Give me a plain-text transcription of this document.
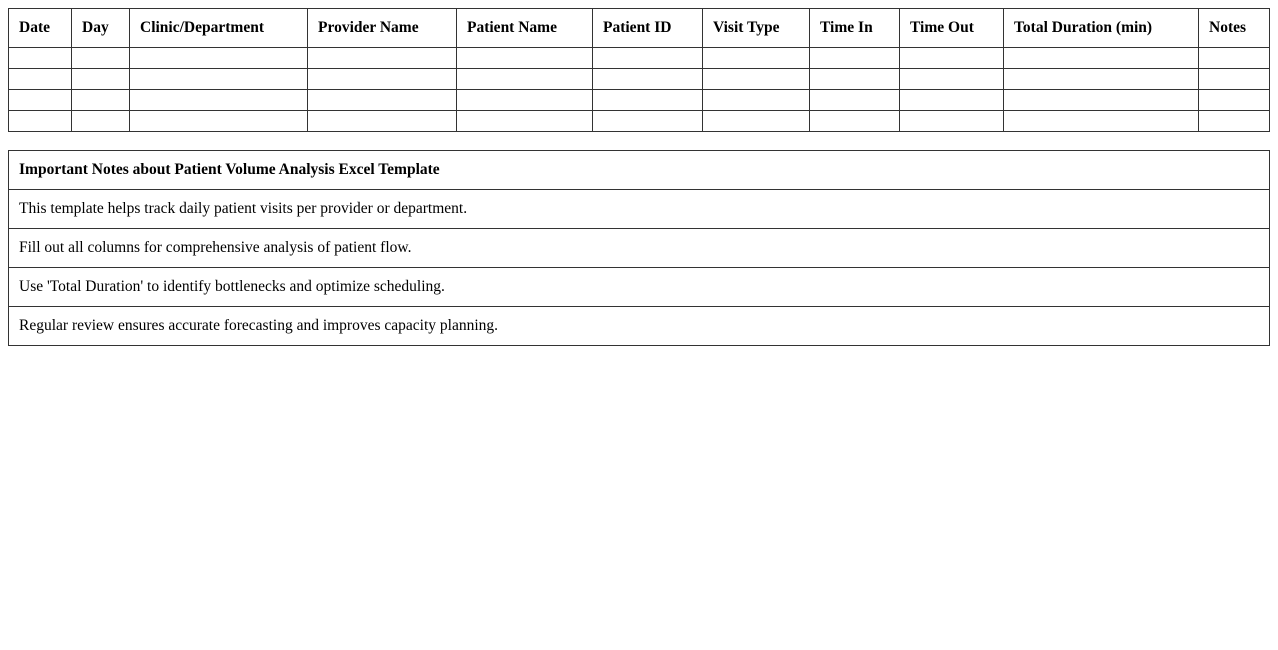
Date	Day	Clinic/Department	Provider Name	Patient Name	Patient ID	Visit Type	Time In	Time Out	Total Duration (min)	Notes

Important Notes about Patient Volume Analysis Excel Template
This template helps track daily patient visits per provider or department.
Fill out all columns for comprehensive analysis of patient flow.
Use 'Total Duration' to identify bottlenecks and optimize scheduling.
Regular review ensures accurate forecasting and improves capacity planning.
